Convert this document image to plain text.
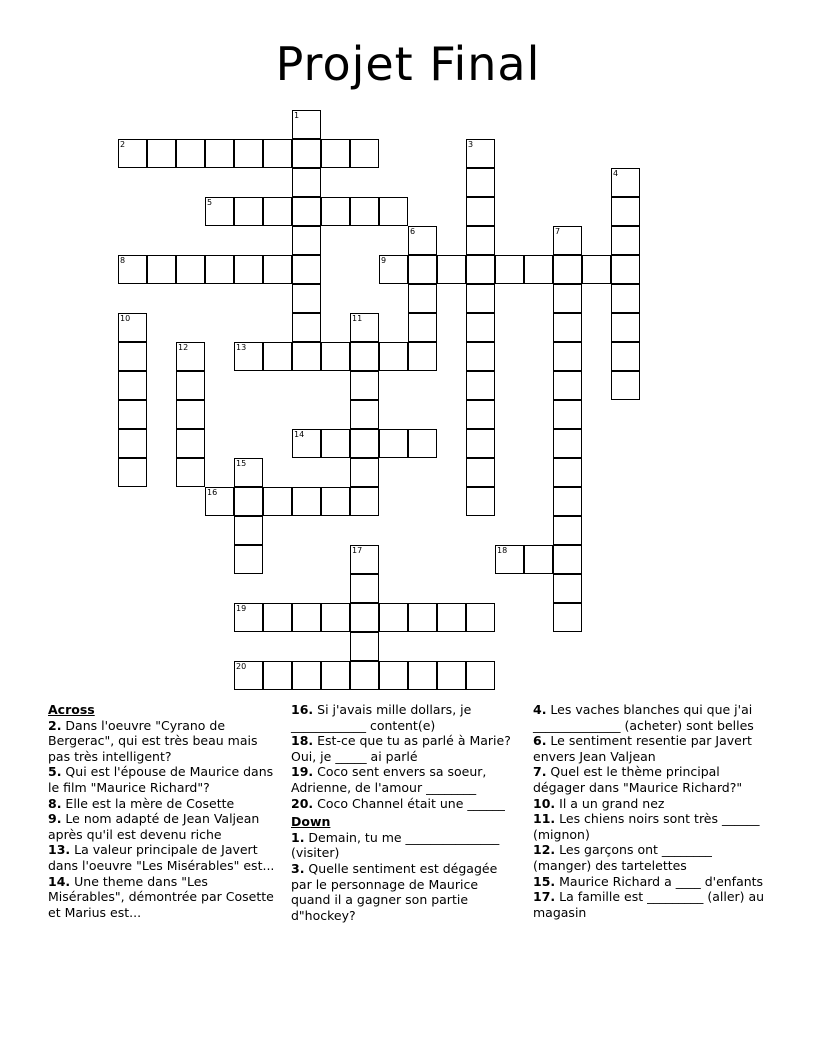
Projet Final
1
2	3
4
5
6	7
8	9
10	11
12	13
14
15
16
17	18
19
20
Across
2. Dans l'oeuvre "Cyrano de Bergerac", qui est très beau mais pas très intelligent?
5. Qui est l'épouse de Maurice dans le film "Maurice Richard"?
8. Elle est la mère de Cosette
9. Le nom adapté de Jean Valjean après qu'il est devenu riche
13. La valeur principale de Javert dans l'oeuvre "Les Misérables" est...
14. Une theme dans "Les Misérables", démontrée par Cosette et Marius est...
16. Si j'avais mille dollars, je ____________ content(e)
18. Est-ce que tu as parlé à Marie? Oui, je _____ ai parlé
19. Coco sent envers sa soeur, Adrienne, de l'amour ________
20. Coco Channel était une ______
Down
1. Demain, tu me _______________ (visiter)
3. Quelle sentiment est dégagée par le personnage de Maurice quand il a gagner son partie d"hockey?
4. Les vaches blanches qui que j'ai ______________ (acheter) sont belles
6. Le sentiment resentie par Javert envers Jean Valjean
7. Quel est le thème principal dégager dans "Maurice Richard?"
10. Il a un grand nez
11. Les chiens noirs sont très ______ (mignon)
12. Les garçons ont ________ (manger) des tartelettes
15. Maurice Richard a ____ d'enfants
17. La famille est _________ (aller) au magasin
